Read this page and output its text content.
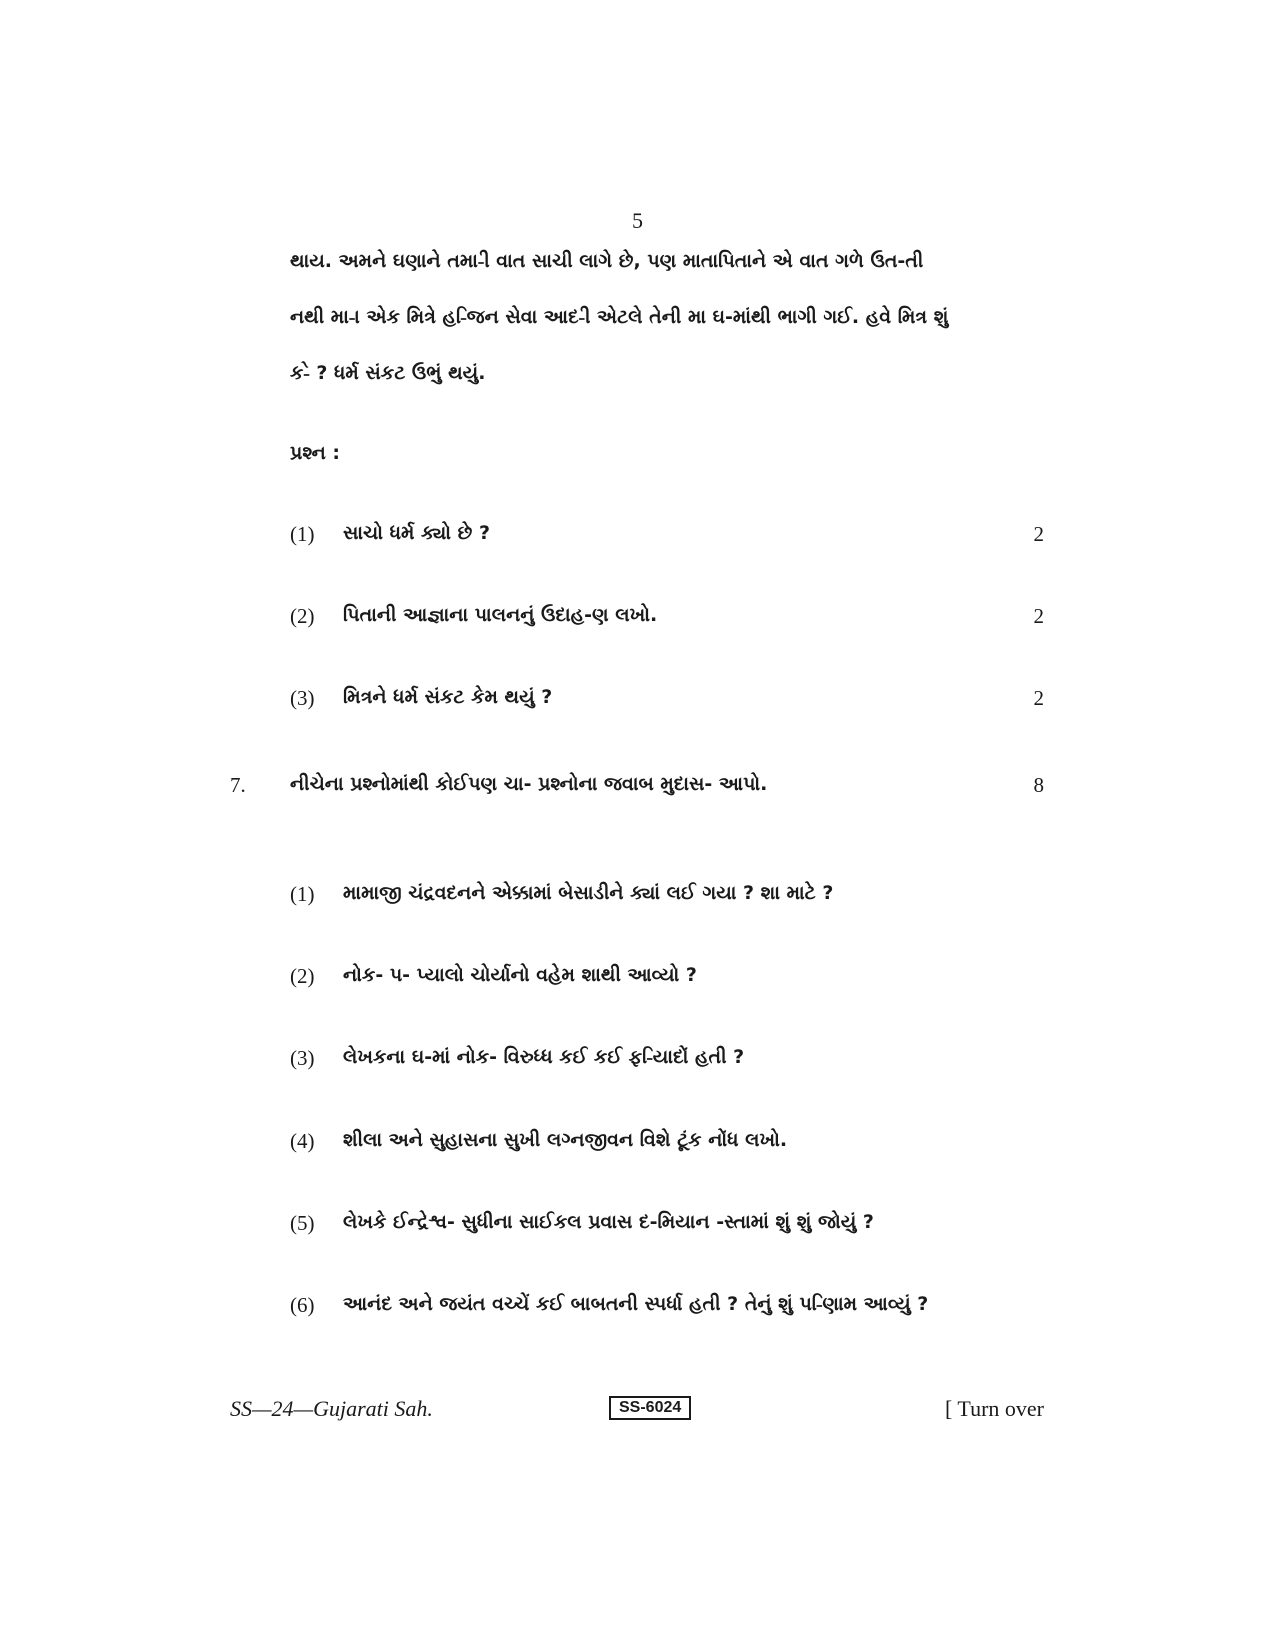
5
થાય. અમને ઘણાને તમા-ી વાત સાચી લાગે છે, પણ માતાપિતાને એ વાત ગળે ઉત-તી
નથી મા-ા એક મિત્રે હ-િજન સેવા આદ-ી એટલે તેની મા ઘ-માંથી ભાગી ગઈ. હવે મિત્ર શું
ક-ે ? ધર્મ સંકટ ઉભું થયું.
પ્રશ્ન :
(1) સાચો ધર્મ ક્યો છે ?	2
(2) પિતાની આજ્ઞાના પાલનનું ઉદાહ-ણ લખો.	2
(3) મિત્રને ધર્મ સંકટ કેમ થયું ?	2
7. નીચેના પ્રશ્નોમાંથી કોઈપણ ચા- પ્રશ્નોના જવાબ મુદાસ- આપો.	8
(1) મામાજી ચંદ્રવદનને એક્કામાં બેસાડીને ક્યાં લઈ ગયા ? શા માટે ?
(2) નોક- પ- પ્યાલો ચોર્યાનો વહેમ શાથી આવ્યો ?
(3) લેખકના ઘ-માં નોક- વિરુધ્ધ કઈ કઈ ફ-િયાદોં હતી ?
(4) શીલા અને સુહાસના સુખી લગ્નજીવન વિશે ટૂંક નોંધ લખો.
(5) લેખકે ઈન્દ્રેશ્વ- સુધીના સાઈકલ પ્રવાસ દ-મિયાન -સ્તામાં શું શું જોયું ?
(6) આનંદ અને જયંત વચ્ચેં કઈ બાબતની સ્પર્ધા હતી ? તેનું શું પ-િણામ આવ્યું ?
SS—24—Gujarati Sah.	SS-6024	[ Turn over
